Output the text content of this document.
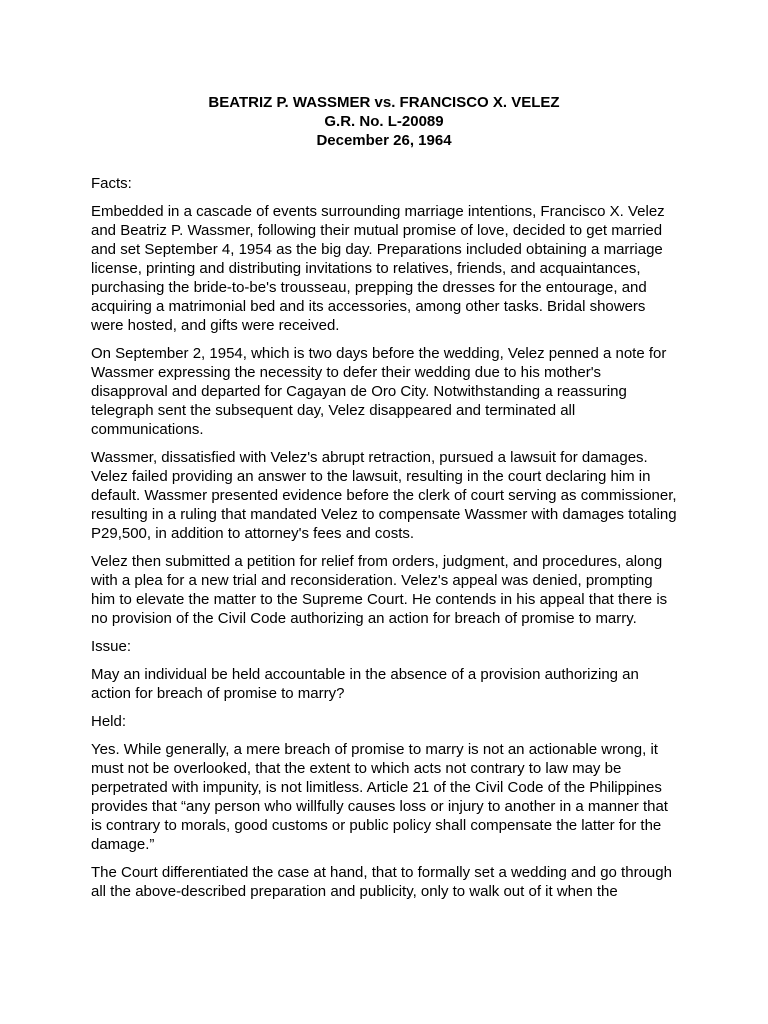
BEATRIZ P. WASSMER vs. FRANCISCO X. VELEZ
G.R. No. L-20089
December 26, 1964

Facts:

Embedded in a cascade of events surrounding marriage intentions, Francisco X. Velez and Beatriz P. Wassmer, following their mutual promise of love, decided to get married and set September 4, 1954 as the big day. Preparations included obtaining a marriage license, printing and distributing invitations to relatives, friends, and acquaintances, purchasing the bride-to-be's trousseau, prepping the dresses for the entourage, and acquiring a matrimonial bed and its accessories, among other tasks. Bridal showers were hosted, and gifts were received.

On September 2, 1954, which is two days before the wedding, Velez penned a note for Wassmer expressing the necessity to defer their wedding due to his mother's disapproval and departed for Cagayan de Oro City. Notwithstanding a reassuring telegraph sent the subsequent day, Velez disappeared and terminated all communications.

Wassmer, dissatisfied with Velez's abrupt retraction, pursued a lawsuit for damages. Velez failed providing an answer to the lawsuit, resulting in the court declaring him in default. Wassmer presented evidence before the clerk of court serving as commissioner, resulting in a ruling that mandated Velez to compensate Wassmer with damages totaling P29,500, in addition to attorney's fees and costs.

Velez then submitted a petition for relief from orders, judgment, and procedures, along with a plea for a new trial and reconsideration. Velez's appeal was denied, prompting him to elevate the matter to the Supreme Court. He contends in his appeal that there is no provision of the Civil Code authorizing an action for breach of promise to marry.

Issue:

May an individual be held accountable in the absence of a provision authorizing an action for breach of promise to marry?

Held:

Yes. While generally, a mere breach of promise to marry is not an actionable wrong, it must not be overlooked, that the extent to which acts not contrary to law may be perpetrated with impunity, is not limitless. Article 21 of the Civil Code of the Philippines provides that “any person who willfully causes loss or injury to another in a manner that is contrary to morals, good customs or public policy shall compensate the latter for the damage.”

The Court differentiated the case at hand, that to formally set a wedding and go through all the above-described preparation and publicity, only to walk out of it when the
